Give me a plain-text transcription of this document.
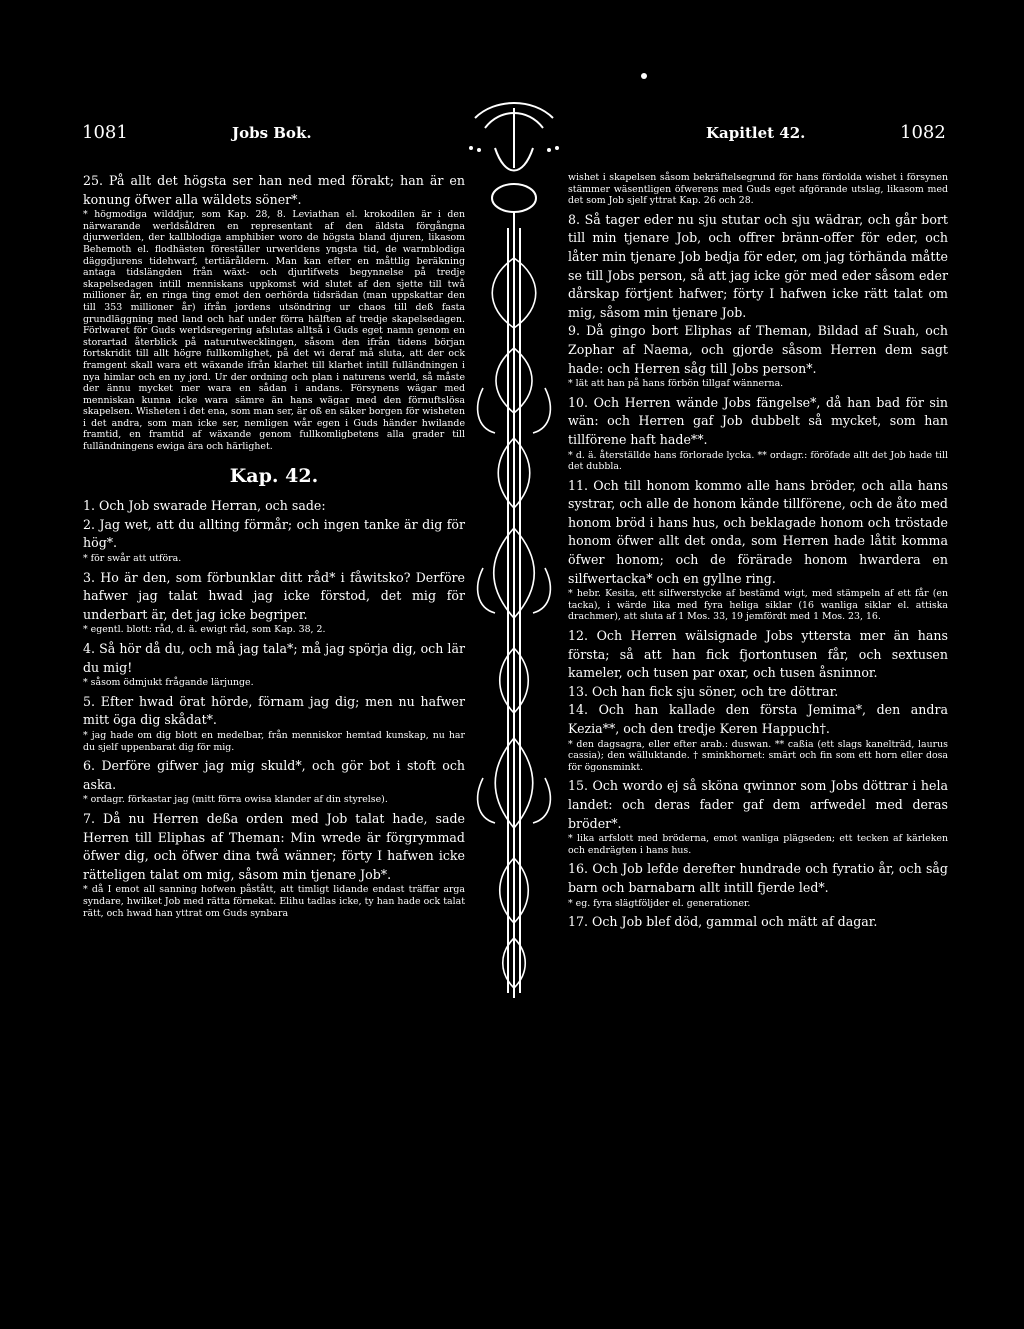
1081	Jobs Bok.	Kapitlet 42.	1082

25. På allt det högsta ser han ned med förakt; han är en konung öfwer alla wäldets söner*.

* högmodiga wilddjur, som Kap. 28, 8. Leviathan el. krokodilen är i den närwarande werldsåldren en representant af den äldsta förgångna djurwerlden, der kallblodiga amphibier woro de högsta bland djuren, likasom Behemoth el. flodhästen föreställer urwerldens yngsta tid, de warmblodiga däggdjurens tidehwarf, tertiäråldern. Man kan efter en måttlig beräkning antaga tidslängden från wäxt- och djurlifwets begynnelse på tredje skapelsedagen intill menniskans uppkomst wid slutet af den sjette till twå millioner år, en ringa ting emot den oerhörda tidsrädan (man uppskattar den till 353 millioner år) ifrån jordens utsöndring ur chaos till deß fasta grundläggning med land och haf under förra hälften af tredje skapelsedagen. Förlwaret för Guds werldsregering afslutas alltså i Guds eget namn genom en storartad återblick på naturutwecklingen, såsom den ifrån tidens början fortskridit till allt högre fullkomlighet, på det wi deraf må sluta, att der ock framgent skall wara ett wäxande ifrån klarhet till klarhet intill fulländningen i nya himlar och en ny jord. Ur der ordning och plan i naturens werld, så måste der ännu mycket mer wara en sådan i andans. Försynens wägar med menniskan kunna icke wara sämre än hans wägar med den förnuftslösa skapelsen. Wisheten i det ena, som man ser, är oß en säker borgen för wisheten i det andra, som man icke ser, nemligen wår egen i Guds händer hwilande framtid, en framtid af wäxande genom fullkomligbetens alla grader till fulländningens ewiga ära och härlighet.

Kap. 42.

1. Och Job swarade Herran, och sade:

2. Jag wet, att du allting förmår; och ingen tanke är dig för hög*.

* för swår att utföra.

3. Ho är den, som förbunklar ditt råd* i fåwitsko? Derföre hafwer jag talat hwad jag icke förstod, det mig för underbart är, det jag icke begriper.

* egentl. blott: råd, d. ä. ewigt råd, som Kap. 38, 2.

4. Så hör då du, och må jag tala*; må jag spörja dig, och lär du mig!

* såsom ödmjukt frågande lärjunge.

5. Efter hwad örat hörde, förnam jag dig; men nu hafwer mitt öga dig skådat*.

* jag hade om dig blott en medelbar, från menniskor hemtad kunskap, nu har du sjelf uppenbarat dig för mig.

6. Derföre gifwer jag mig skuld*, och gör bot i stoft och aska.

* ordagr. förkastar jag (mitt förra owisa klander af din styrelse).

7. Då nu Herren deßa orden med Job talat hade, sade Herren till Eliphas af Theman: Min wrede är förgrymmad öfwer dig, och öfwer dina twå wänner; förty I hafwen icke rätteligen talat om mig, såsom min tjenare Job*.

* då I emot all sanning hofwen påstått, att timligt lidande endast träffar arga syndare, hwilket Job med rätta förnekat. Elihu tadlas icke, ty han hade ock talat rätt, och hwad han yttrat om Guds synbara

wishet i skapelsen såsom bekräftelsegrund för hans fördolda wishet i försynen stämmer wäsentligen öfwerens med Guds eget afgörande utslag, likasom med det som Job sjelf yttrat Kap. 26 och 28.

8. Så tager eder nu sju stutar och sju wädrar, och går bort till min tjenare Job, och offrer bränn-offer för eder, och låter min tjenare Job bedja för eder, om jag törhända måtte se till Jobs person, så att jag icke gör med eder såsom eder dårskap förtjent hafwer; förty I hafwen icke rätt talat om mig, såsom min tjenare Job.

9. Då gingo bort Eliphas af Theman, Bildad af Suah, och Zophar af Naema, och gjorde såsom Herren dem sagt hade: och Herren såg till Jobs person*.

* lät att han på hans förbön tillgaf wännerna.

10. Och Herren wände Jobs fängelse*, då han bad för sin wän: och Herren gaf Job dubbelt så mycket, som han tillförene haft hade**.

* d. ä. återställde hans förlorade lycka. ** ordagr.: föröfade allt det Job hade till det dubbla.

11. Och till honom kommo alle hans bröder, och alla hans systrar, och alle de honom kände tillförene, och de åto med honom bröd i hans hus, och beklagade honom och tröstade honom öfwer allt det onda, som Herren hade låtit komma öfwer honom; och de förärade honom hwardera en silfwertacka* och en gyllne ring.

* hebr. Kesita, ett silfwerstycke af bestämd wigt, med stämpeln af ett får (en tacka), i wärde lika med fyra heliga siklar (16 wanliga siklar el. attiska drachmer), att sluta af 1 Mos. 33, 19 jemfördt med 1 Mos. 23, 16.

12. Och Herren wälsignade Jobs yttersta mer än hans första; så att han fick fjortontusen får, och sextusen kameler, och tusen par oxar, och tusen åsninnor.

13. Och han fick sju söner, och tre döttrar.

14. Och han kallade den första Jemima*, den andra Kezia**, och den tredje Keren Happuch†.

* den dagsagra, eller efter arab.: duswan. ** caßia (ett slags kanelträd, laurus cassia); den wälluktande. † sminkhornet: smärt och fin som ett horn eller dosa för ögonsminkt.

15. Och wordo ej så sköna qwinnor som Jobs döttrar i hela landet: och deras fader gaf dem arfwedel med deras bröder*.

* lika arfslott med bröderna, emot wanliga plägseden; ett tecken af kärleken och endrägten i hans hus.

16. Och Job lefde derefter hundrade och fyratio år, och såg barn och barnabarn allt intill fjerde led*.

* eg. fyra slägtföljder el. generationer.

17. Och Job blef död, gammal och mätt af dagar.
